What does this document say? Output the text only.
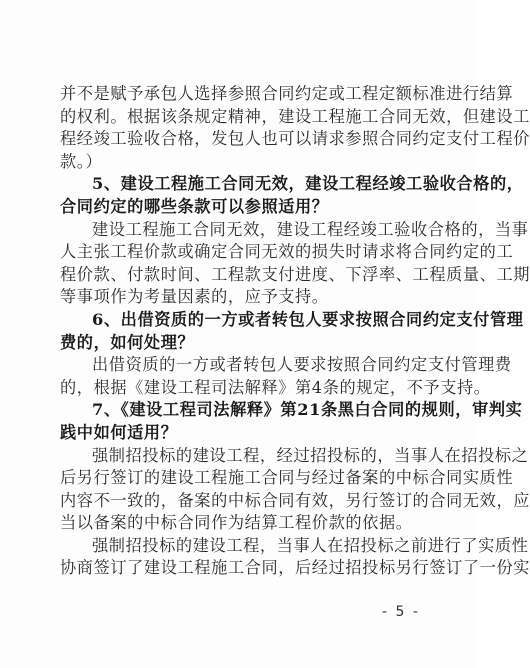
并不是赋予承包人选择参照合同约定或工程定额标准进行结算
的权利。根据该条规定精神，建设工程施工合同无效，但建设工
程经竣工验收合格，发包人也可以请求参照合同约定支付工程价
款。）
5、建设工程施工合同无效，建设工程经竣工验收合格的，
合同约定的哪些条款可以参照适用？
建设工程施工合同无效，建设工程经竣工验收合格的，当事
人主张工程价款或确定合同无效的损失时请求将合同约定的工
程价款、付款时间、工程款支付进度、下浮率、工程质量、工期
等事项作为考量因素的，应予支持。
6、出借资质的一方或者转包人要求按照合同约定支付管理
费的，如何处理？
出借资质的一方或者转包人要求按照合同约定支付管理费
的，根据《建设工程司法解释》第4条的规定，不予支持。
7、《建设工程司法解释》第21条黑白合同的规则，审判实
践中如何适用？
强制招投标的建设工程，经过招投标的，当事人在招投标之
后另行签订的建设工程施工合同与经过备案的中标合同实质性
内容不一致的，备案的中标合同有效，另行签订的合同无效，应
当以备案的中标合同作为结算工程价款的依据。
强制招投标的建设工程，当事人在招投标之前进行了实质性
协商签订了建设工程施工合同，后经过招投标另行签订了一份实
- 5 -
